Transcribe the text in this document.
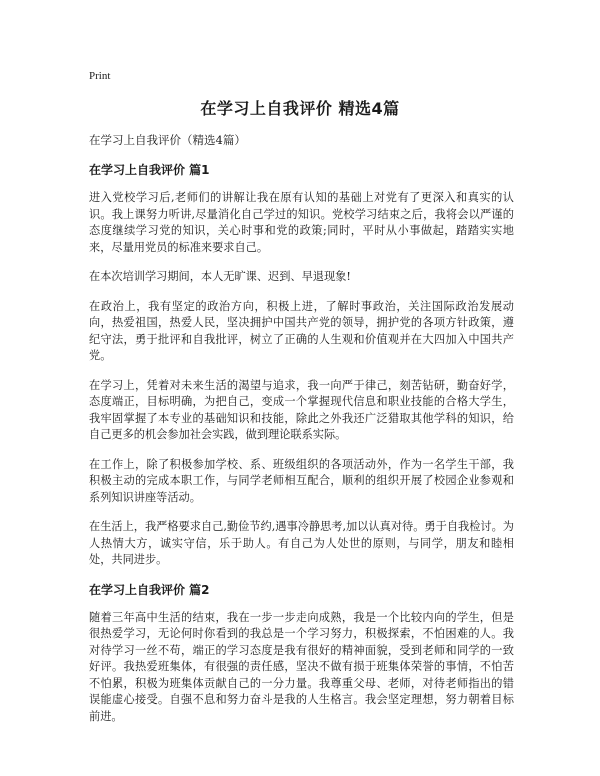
Print
在学习上自我评价 精选4篇
在学习上自我评价（精选4篇）
在学习上自我评价 篇1

进入党校学习后,老师们的讲解让我在原有认知的基础上对党有了更深入和真实的认识。我上课努力听讲,尽量消化自己学过的知识。党校学习结束之后，我将会以严谨的态度继续学习党的知识，关心时事和党的政策;同时，平时从小事做起，踏踏实实地来，尽量用党员的标准来要求自己。

在本次培训学习期间，本人无旷课、迟到、早退现象!

在政治上，我有坚定的政治方向，积极上进，了解时事政治，关注国际政治发展动向，热爱祖国，热爱人民，坚决拥护中国共产党的领导，拥护党的各项方针政策，遵纪守法，勇于批评和自我批评，树立了正确的人生观和价值观并在大四加入中国共产党。

在学习上，凭着对未来生活的渴望与追求，我一向严于律己，刻苦钻研，勤奋好学，态度端正，目标明确，为把自己，变成一个掌握现代信息和职业技能的合格大学生，我牢固掌握了本专业的基础知识和技能，除此之外我还广泛猎取其他学科的知识，给自己更多的机会参加社会实践，做到理论联系实际。

在工作上，除了积极参加学校、系、班级组织的各项活动外，作为一名学生干部，我积极主动的完成本职工作，与同学老师相互配合，顺利的组织开展了校园企业参观和系列知识讲座等活动。

在生活上，我严格要求自己,勤俭节约,遇事冷静思考,加以认真对待。勇于自我检讨。为人热情大方，诚实守信，乐于助人。有自己为人处世的原则，与同学，朋友和睦相处，共同进步。

在学习上自我评价 篇2

随着三年高中生活的结束，我在一步一步走向成熟，我是一个比较内向的学生，但是很热爱学习，无论何时你看到的我总是一个学习努力，积极探索，不怕困难的人。我对待学习一丝不苟，端正的学习态度是我有很好的精神面貌，受到老师和同学的一致好评。我热爱班集体，有很强的责任感，坚决不做有损于班集体荣誉的事情，不怕苦不怕累，积极为班集体贡献自己的一分力量。我尊重父母、老师，对待老师指出的错误能虚心接受。自强不息和努力奋斗是我的人生格言。我会坚定理想，努力朝着目标前进。
